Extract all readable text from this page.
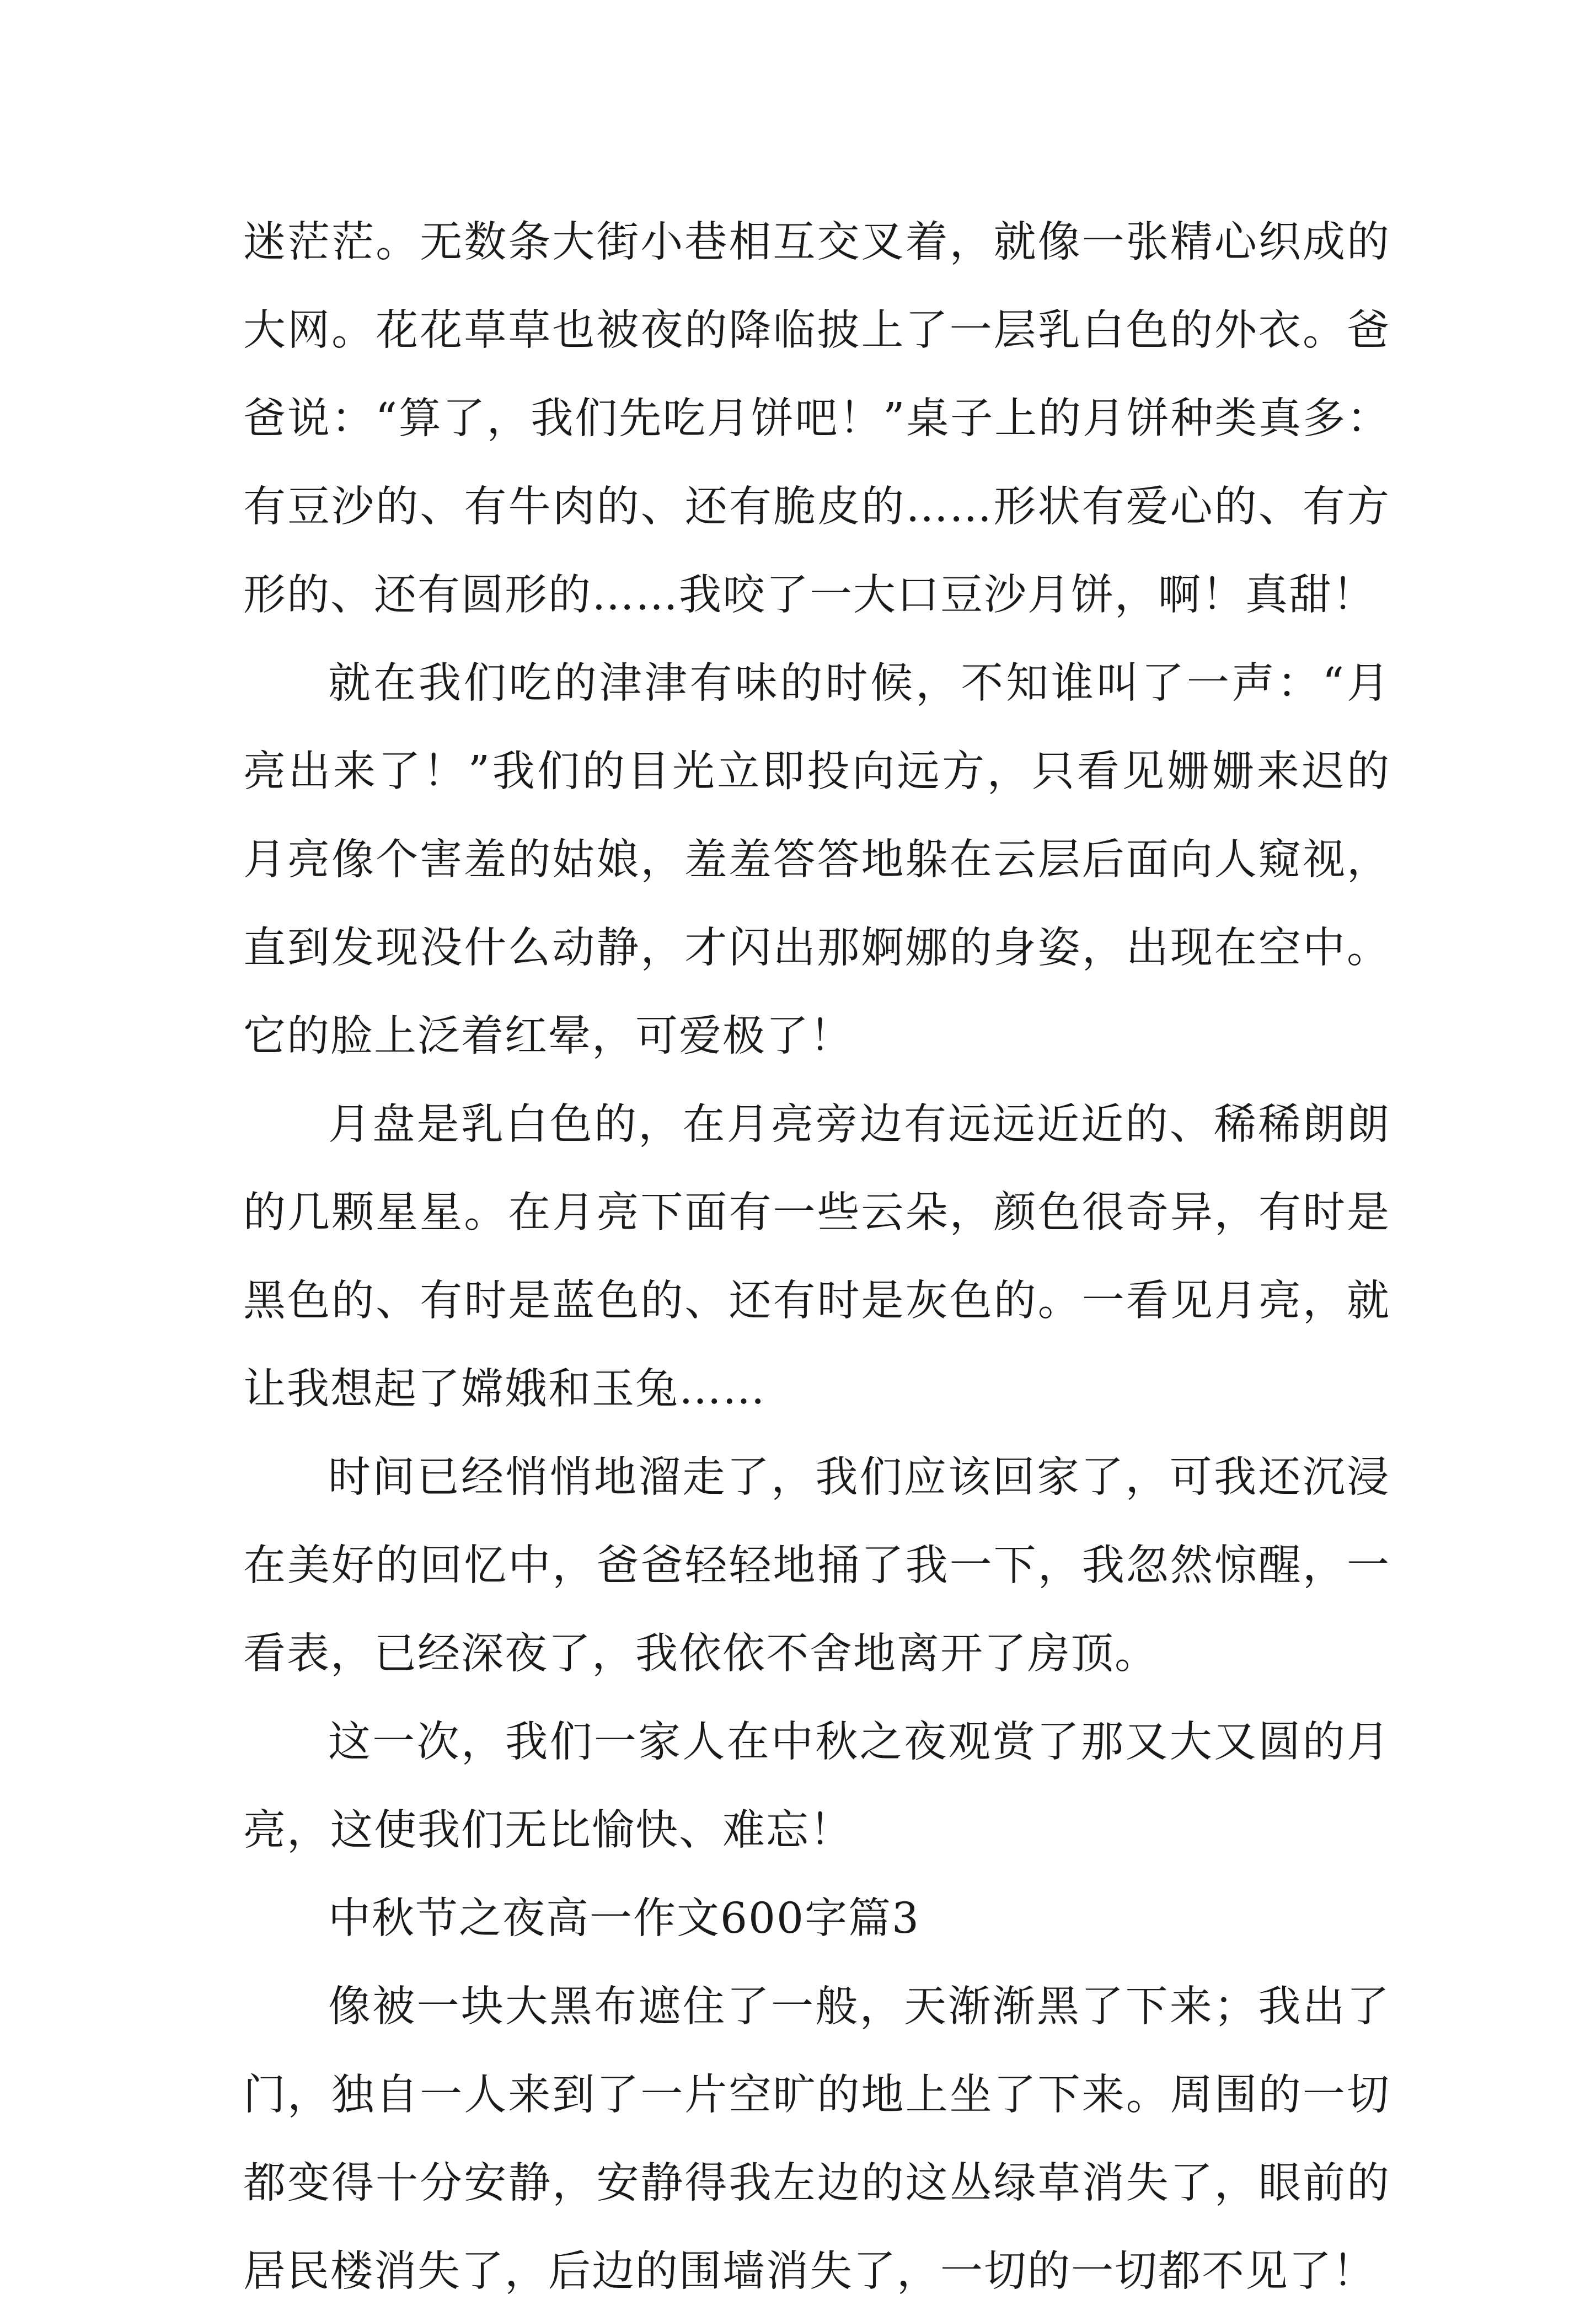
迷茫茫。无数条大街小巷相互交叉着，就像一张精心织成的大网。花花草草也被夜的降临披上了一层乳白色的外衣。爸爸说：“算了，我们先吃月饼吧！”桌子上的月饼种类真多：有豆沙的、有牛肉的、还有脆皮的……形状有爱心的、有方形的、还有圆形的……我咬了一大口豆沙月饼，啊！真甜！

就在我们吃的津津有味的时候，不知谁叫了一声：“月亮出来了！”我们的目光立即投向远方，只看见姗姗来迟的月亮像个害羞的姑娘，羞羞答答地躲在云层后面向人窥视，直到发现没什么动静，才闪出那婀娜的身姿，出现在空中。它的脸上泛着红晕，可爱极了！

月盘是乳白色的，在月亮旁边有远远近近的、稀稀朗朗的几颗星星。在月亮下面有一些云朵，颜色很奇异，有时是黑色的、有时是蓝色的、还有时是灰色的。一看见月亮，就让我想起了嫦娥和玉兔……

时间已经悄悄地溜走了，我们应该回家了，可我还沉浸在美好的回忆中，爸爸轻轻地捅了我一下，我忽然惊醒，一看表，已经深夜了，我依依不舍地离开了房顶。

这一次，我们一家人在中秋之夜观赏了那又大又圆的月亮，这使我们无比愉快、难忘！

中秋节之夜高一作文600字篇3

像被一块大黑布遮住了一般，天渐渐黑了下来；我出了门，独自一人来到了一片空旷的地上坐了下来。周围的一切都变得十分安静，安静得我左边的这丛绿草消失了，眼前的居民楼消失了，后边的围墙消失了，一切的一切都不见了！
